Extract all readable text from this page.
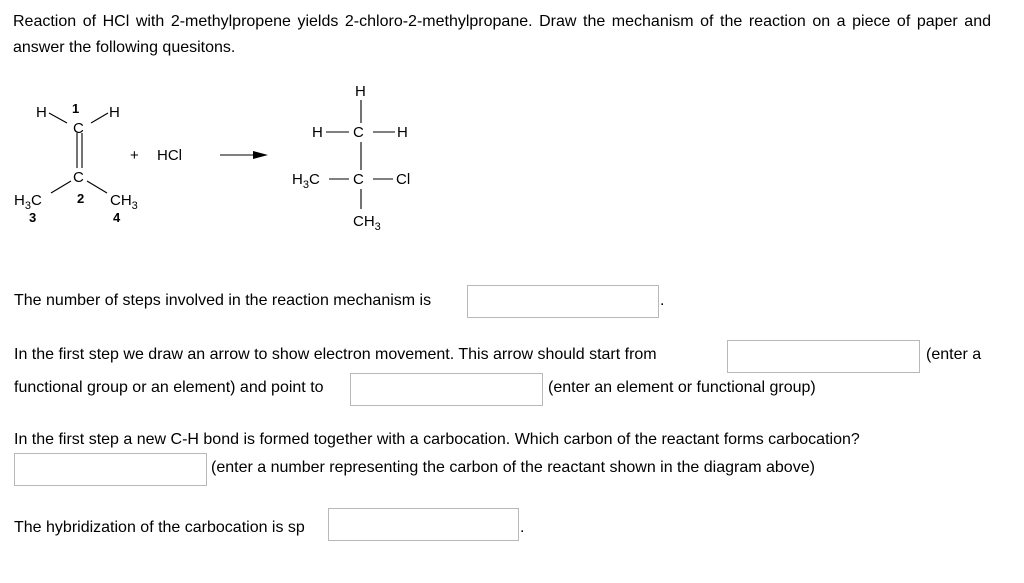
Reaction of HCl with 2-methylpropene yields 2-chloro-2-methylpropane. Draw the mechanism of the reaction on a piece of paper and answer the following quesitons.
H	H
C
C
$H_3C$	$CH_3$
+ HCl
H
H C H
$H_3C$ C Cl
$CH_3$
1
2
3	4
The number of steps involved in the reaction mechanism is	.
In the first step we draw an arrow to show electron movement. This arrow should start from	(enter a
functional group or an element) and point to	(enter an element or functional group)
In the first step a new C-H bond is formed together with a carbocation. Which carbon of the reactant forms carbocation?
(enter a number representing the carbon of the reactant shown in the diagram above)
The hybridization of the carbocation is sp	.
